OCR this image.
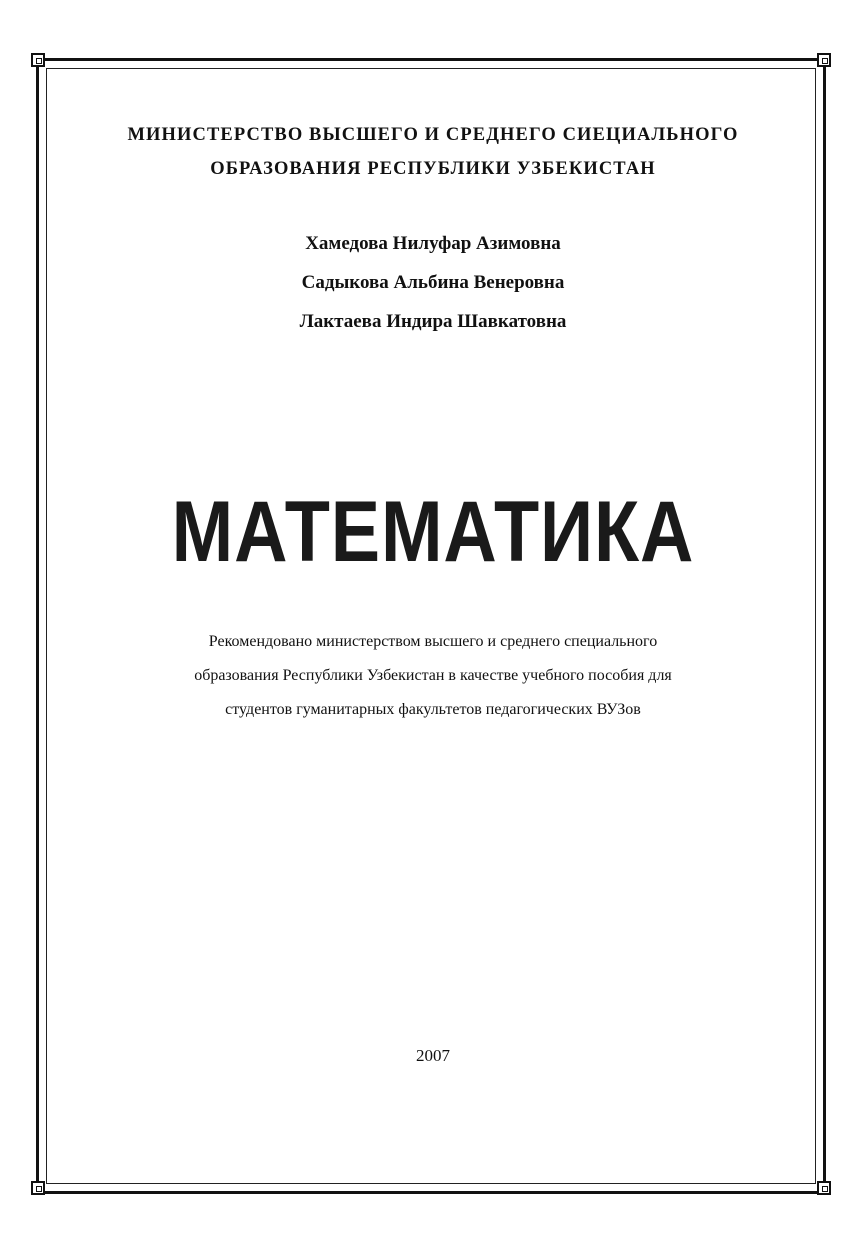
МИНИСТЕРСТВО ВЫСШЕГО И СРЕДНЕГО СИЕЦИАЛЬНОГО
ОБРАЗОВАНИЯ РЕСПУБЛИКИ УЗБЕКИСТАН
Хамедова Нилуфар Азимовна
Садыкова Альбина Венеровна
Лактаева Индира Шавкатовна
МАТЕМАТИКА
Рекомендовано министерством высшего и среднего специального
образования Республики Узбекистан в качестве учебного пособия для
студентов гуманитарных факультетов педагогических ВУЗов
2007
